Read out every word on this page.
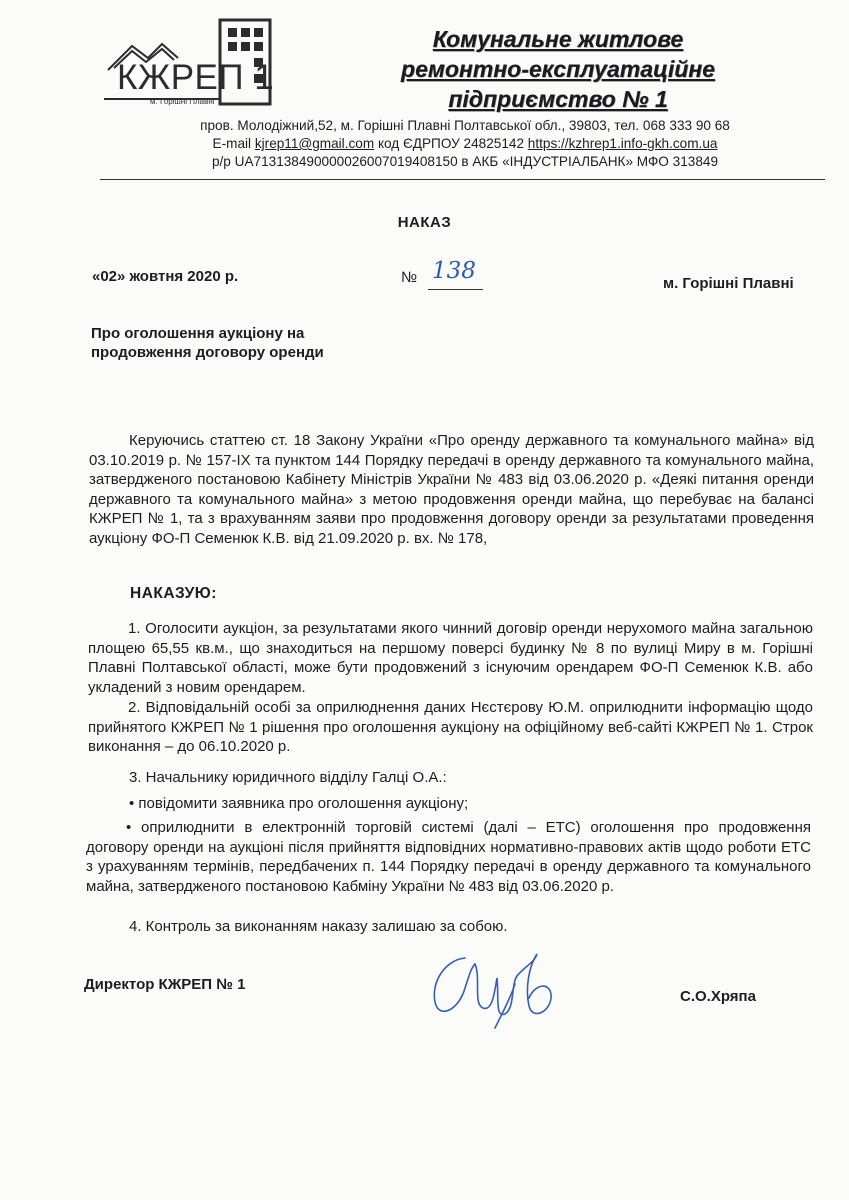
КЖРЕП 1
м. Горішні Плавні
Комунальне житлове
ремонтно-експлуатаційне
підприємство № 1
пров. Молодіжний,52, м. Горішні Плавні Полтавської обл., 39803, тел. 068 333 90 68
E-mail kjrep11@gmail.com код ЄДРПОУ 24825142 https://kzhrep1.info-gkh.com.ua
р/р UA713138490000026007019408150 в АКБ «ІНДУСТРІАЛБАНК» МФО 313849
НАКАЗ
«02» жовтня 2020 р.	№ 138	м. Горішні Плавні
Про оголошення аукціону на продовження договору оренди
Керуючись статтею ст. 18 Закону України «Про оренду державного та комунального майна» від 03.10.2019 р. № 157-ІХ та пунктом 144 Порядку передачі в оренду державного та комунального майна, затвердженого постановою Кабінету Міністрів України № 483 від 03.06.2020 р. «Деякі питання оренди державного та комунального майна» з метою продовження оренди майна, що перебуває на балансі КЖРЕП № 1, та з врахуванням заяви про продовження договору оренди за результатами проведення аукціону ФО-П Семенюк К.В. від 21.09.2020 р. вх. № 178,
НАКАЗУЮ:
1. Оголосити аукціон, за результатами якого чинний договір оренди нерухомого майна загальною площею 65,55 кв.м., що знаходиться на першому поверсі будинку № 8 по вулиці Миру в м. Горішні Плавні Полтавської області, може бути продовжений з існуючим орендарем ФО-П Семенюк К.В. або укладений з новим орендарем.
2. Відповідальній особі за оприлюднення даних Нєстєрову Ю.М. оприлюднити інформацію щодо прийнятого КЖРЕП № 1 рішення про оголошення аукціону на офіційному веб-сайті КЖРЕП № 1. Строк виконання – до 06.10.2020 р.
3. Начальнику юридичного відділу Галці О.А.:
• повідомити заявника про оголошення аукціону;
• оприлюднити в електронній торговій системі (далі – ЕТС) оголошення про продовження договору оренди на аукціоні після прийняття відповідних нормативно-правових актів щодо роботи ЕТС з урахуванням термінів, передбачених п. 144 Порядку передачі в оренду державного та комунального майна, затвердженого постановою Кабміну України № 483 від 03.06.2020 р.
4. Контроль за виконанням наказу залишаю за собою.
Директор КЖРЕП № 1
С.О.Хряпа
